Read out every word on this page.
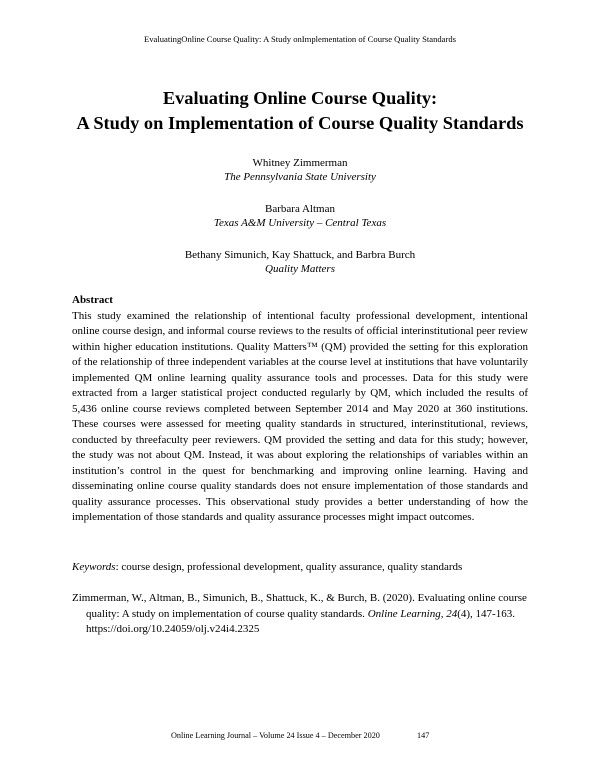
EvaluatingOnline Course Quality: A Study onImplementation of Course Quality Standards
Evaluating Online Course Quality:
A Study on Implementation of Course Quality Standards
Whitney Zimmerman
The Pennsylvania State University
Barbara Altman
Texas A&M University – Central Texas
Bethany Simunich, Kay Shattuck, and Barbra Burch
Quality Matters
Abstract
This study examined the relationship of intentional faculty professional development, intentional online course design, and informal course reviews to the results of official interinstitutional peer review within higher education institutions. Quality Matters™ (QM) provided the setting for this exploration of the relationship of three independent variables at the course level at institutions that have voluntarily implemented QM online learning quality assurance tools and processes. Data for this study were extracted from a larger statistical project conducted regularly by QM, which included the results of 5,436 online course reviews completed between September 2014 and May 2020 at 360 institutions. These courses were assessed for meeting quality standards in structured, interinstitutional, reviews, conducted by threefaculty peer reviewers. QM provided the setting and data for this study; however, the study was not about QM. Instead, it was about exploring the relationships of variables within an institution’s control in the quest for benchmarking and improving online learning. Having and disseminating online course quality standards does not ensure implementation of those standards and quality assurance processes. This observational study provides a better understanding of how the implementation of those standards and quality assurance processes might impact outcomes.
Keywords: course design, professional development, quality assurance, quality standards
Zimmerman, W., Altman, B., Simunich, B., Shattuck, K., & Burch, B. (2020). Evaluating online course quality: A study on implementation of course quality standards. Online Learning, 24(4), 147-163. https://doi.org/10.24059/olj.v24i4.2325
Online Learning Journal – Volume 24 Issue 4 – December 2020	147
